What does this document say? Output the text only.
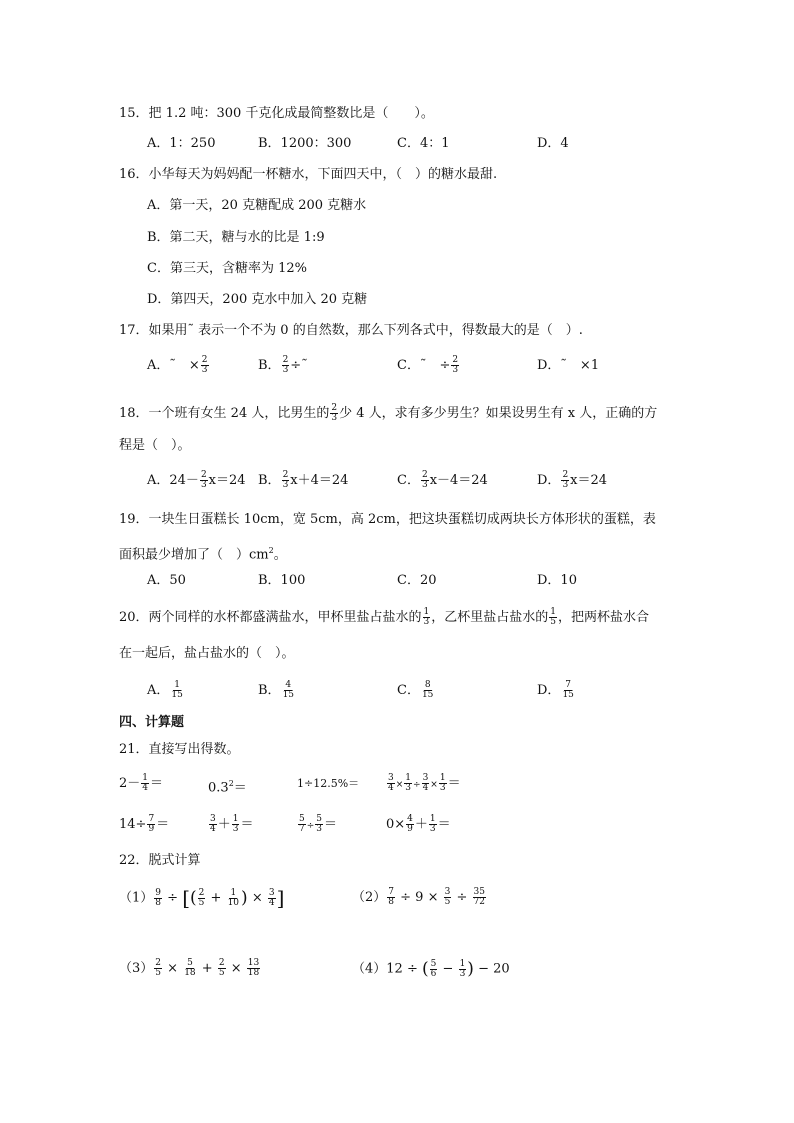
15．把 1.2 吨：300 千克化成最简整数比是（　　）。
A．1：250	B．1200：300	C．4：1	D．4
16．小华每天为妈妈配一杯糖水，下面四天中，（　）的糖水最甜.
A．第一天，20 克糖配成 200 克糖水
B．第二天，糖与水的比是 1:9
C．第三天，含糖率为 12%
D．第四天，200 克水中加入 20 克糖
17．如果用˜ 表示一个不为 0 的自然数，那么下列各式中，得数最大的是（　）.
A．˜　× $\frac{2}{3}$	B． $\frac{2}{3}$ ÷˜	C．˜　÷ $\frac{2}{3}$	D．˜　×1
18．一个班有女生 24 人，比男生的 $\frac{2}{3}$ 少 4 人，求有多少男生？如果设男生有 x 人，正确的方
程是（　）。
A．$24- \frac{2}{3} x=24$ B． $\frac{2}{3} x+4=24$	C． $\frac{2}{3} x-4=24$	D． $\frac{2}{3} x=24$
19．一块生日蛋糕长 10cm，宽 5cm，高 2cm，把这块蛋糕切成两块长方体形状的蛋糕，表
面积最少增加了（　）$cm^2$。
A．50	B．100	C．20	D．10
20．两个同样的水杯都盛满盐水，甲杯里盐占盐水的 $\frac{1}{3}$ ，乙杯里盐占盐水的 $\frac{1}{5}$ ，把两杯盐水合
在一起后，盐占盐水的（　）。
A． $\frac{1}{15}$	B． $\frac{4}{15}$	C． $\frac{8}{15}$	D． $\frac{7}{15}$
四、计算题
21．直接写出得数。
$2- \frac{1}{4}$ ＝	$0.3^2=$	1÷12.5%＝	$\frac{3}{4} \times \frac{1}{3} \div \frac{3}{4} \times \frac{1}{3}$ ＝
$14\div \frac{7}{9}$ ＝	$\frac{3}{4} + \frac{1}{3}$ ＝	$\frac{5}{7} \div \frac{5}{3}$ ＝	$0\times \frac{4}{9} + \frac{1}{3}$ ＝
22．脱式计算
$(1) \frac{9}{8}$ ÷ [( $\frac{2}{5} + \frac{1}{10}$ ) × $\frac{3}{4}$ ]	$(2) \frac{7}{8} \div 9 \times \frac{3}{5} \div \frac{35}{72}$
$(3) \frac{2}{5} \times \frac{5}{18} + \frac{2}{5} \times \frac{13}{18}$	（4）12 ÷ ( $\frac{5}{6} - \frac{1}{3}$ ) − 20
